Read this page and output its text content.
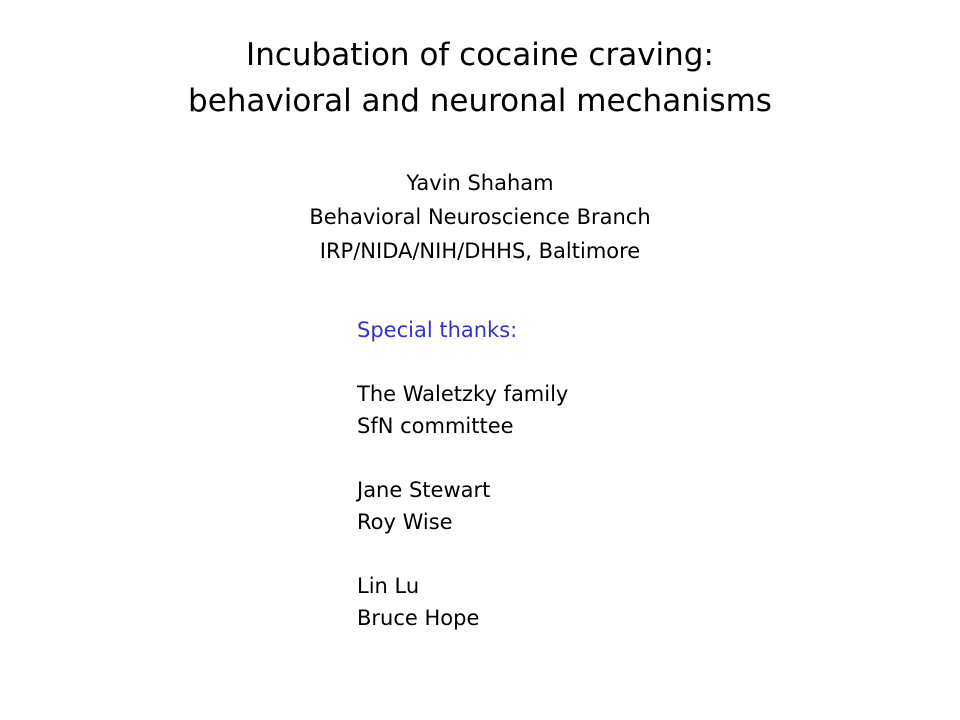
Incubation of cocaine craving:
behavioral and neuronal mechanisms
Yavin Shaham
Behavioral Neuroscience Branch
IRP/NIDA/NIH/DHHS, Baltimore
Special thanks:
The Waletzky family
SfN committee
Jane Stewart
Roy Wise
Lin Lu
Bruce Hope
